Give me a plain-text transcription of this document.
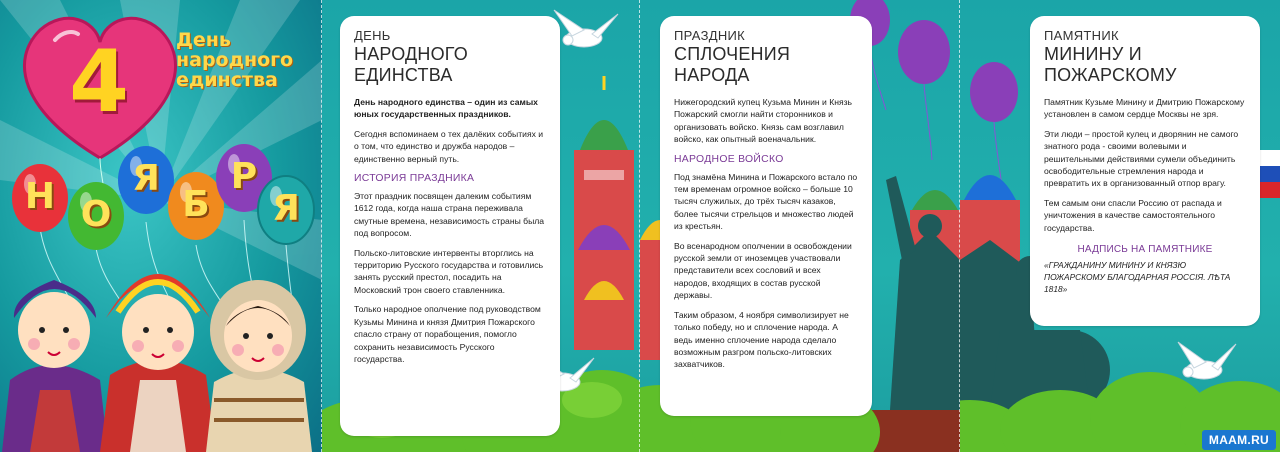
4	День
народного
единства
Н О
Я
Б
Р
Я
ДЕНЬ
НАРОДНОГО ЕДИНСТВА

День народного единства – один из самых юных государственных праздников.

Сегодня вспоминаем о тех далёких событиях и о том, что единство и дружба народов – единственно верный путь.

ИСТОРИЯ ПРАЗДНИКА

Этот праздник посвящен далеким событиям 1612 года, когда наша страна переживала смутные времена, независимость страны была под вопросом.

Польско-литовские интервенты вторглись на территорию Русского государства и готовились занять русский престол, посадить на Московский трон своего ставленника.

Только народное ополчение под руководством Кузьмы Минина и князя Дмитрия Пожарского спасло страну от порабощения, помогло сохранить независимость Русского государства.

ПРАЗДНИК
СПЛОЧЕНИЯ НАРОДА

Нижегородский купец Кузьма Минин и Князь Пожарский смогли найти сторонников и организовать войско. Князь сам возглавил войско, как опытный военачальник.

НАРОДНОЕ ВОЙСКО

Под знамёна Минина и Пожарского встало по тем временам огромное войско – больше 10 тысяч служилых, до трёх тысяч казаков, более тысячи стрельцов и множество людей из крестьян.

Во всенародном ополчении в освобождении русской земли от иноземцев участвовали представители всех сословий и всех народов, входящих в состав русской державы.

Таким образом, 4 ноября символизирует не только победу, но и сплочение народа. А ведь именно сплочение народа сделало возможным разгром польско-литовских захватчиков.

ПАМЯТНИК
МИНИНУ И ПОЖАРСКОМУ

Памятник Кузьме Минину и Дмитрию Пожарскому установлен в самом сердце Москвы не зря.

Эти люди – простой кулец и дворянин не самого знатного рода - своими волевыми и решительными действиями сумели объединить освободительные стремления народа и превратить их в организованный отпор врагу.

Тем самым они спасли Россию от распада и уничтожения в качестве самостоятельного государства.

НАДПИСЬ НА ПАМЯТНИКЕ

«ГРАЖДАНИНУ МИНИНУ И КНЯЗЮ ПОЖАРСКОМУ БЛАГОДАРНАЯ РОССІЯ. ЛѢТА 1818»

MAAM.RU
